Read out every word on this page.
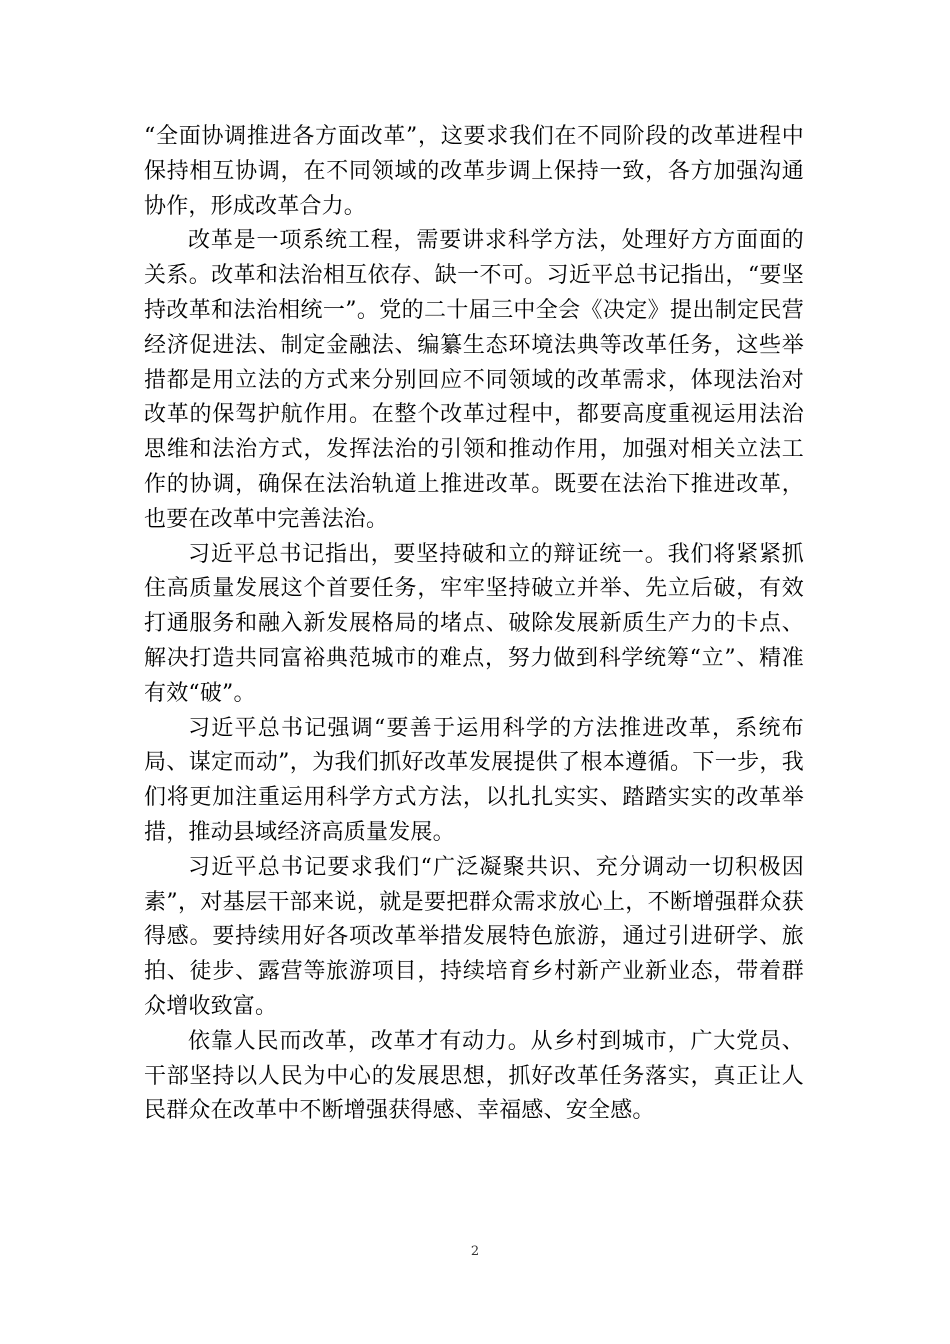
“全面协调推进各方面改革”，这要求我们在不同阶段的改革进程中保持相互协调，在不同领域的改革步调上保持一致，各方加强沟通协作，形成改革合力。

改革是一项系统工程，需要讲求科学方法，处理好方方面面的关系。改革和法治相互依存、缺一不可。习近平总书记指出，“要坚持改革和法治相统一”。党的二十届三中全会《决定》提出制定民营经济促进法、制定金融法、编纂生态环境法典等改革任务，这些举措都是用立法的方式来分别回应不同领域的改革需求，体现法治对改革的保驾护航作用。在整个改革过程中，都要高度重视运用法治思维和法治方式，发挥法治的引领和推动作用，加强对相关立法工作的协调，确保在法治轨道上推进改革。既要在法治下推进改革，也要在改革中完善法治。

习近平总书记指出，要坚持破和立的辩证统一。我们将紧紧抓住高质量发展这个首要任务，牢牢坚持破立并举、先立后破，有效打通服务和融入新发展格局的堵点、破除发展新质生产力的卡点、解决打造共同富裕典范城市的难点，努力做到科学统筹“立”、精准有效“破”。

习近平总书记强调“要善于运用科学的方法推进改革，系统布局、谋定而动”，为我们抓好改革发展提供了根本遵循。下一步，我们将更加注重运用科学方式方法，以扎扎实实、踏踏实实的改革举措，推动县域经济高质量发展。

习近平总书记要求我们“广泛凝聚共识、充分调动一切积极因素”，对基层干部来说，就是要把群众需求放心上，不断增强群众获得感。要持续用好各项改革举措发展特色旅游，通过引进研学、旅拍、徒步、露营等旅游项目，持续培育乡村新产业新业态，带着群众增收致富。

依靠人民而改革，改革才有动力。从乡村到城市，广大党员、干部坚持以人民为中心的发展思想，抓好改革任务落实，真正让人民群众在改革中不断增强获得感、幸福感、安全感。

2
